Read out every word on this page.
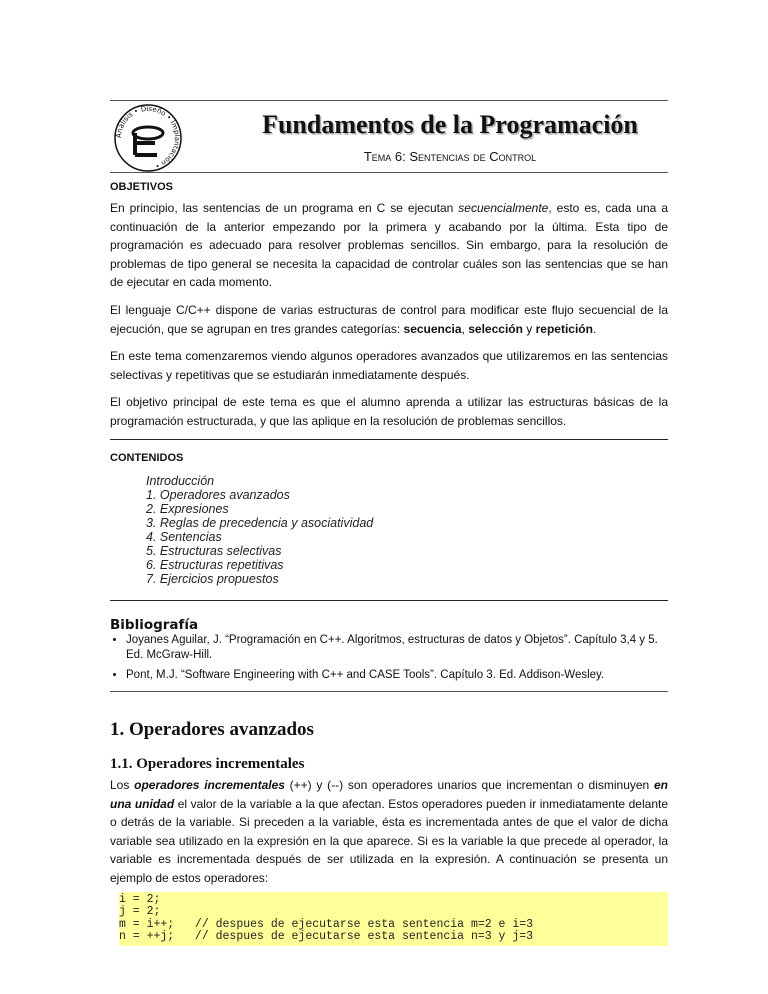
Análisis • Diseño • Implantación •
Fundamentos de la Programación
Tema 6: Sentencias de Control
OBJETIVOS

En principio, las sentencias de un programa en C se ejecutan secuencialmente, esto es, cada una a continuación de la anterior empezando por la primera y acabando por la última. Esta tipo de programación es adecuado para resolver problemas sencillos. Sin embargo, para la resolución de problemas de tipo general se necesita la capacidad de controlar cuáles son las sentencias que se han de ejecutar en cada momento.

El lenguaje C/C++ dispone de varias estructuras de control para modificar este flujo secuencial de la ejecución, que se agrupan en tres grandes categorías: secuencia, selección y repetición.

En este tema comenzaremos viendo algunos operadores avanzados que utilizaremos en las sentencias selectivas y repetitivas que se estudiarán inmediatamente después.

El objetivo principal de este tema es que el alumno aprenda a utilizar las estructuras básicas de la programación estructurada, y que las aplique en la resolución de problemas sencillos.

CONTENIDOS
Introducción
1. Operadores avanzados
2. Expresiones
3. Reglas de precedencia y asociatividad
4. Sentencias
5. Estructuras selectivas
6. Estructuras repetitivas
7. Ejercicios propuestos
Bibliografía
• Joyanes Aguilar, J. “Programación en C++. Algoritmos, estructuras de datos y Objetos”. Capítulo 3,4 y 5. Ed. McGraw-Hill.
• Pont, M.J. “Software Engineering with C++ and CASE Tools”. Capítulo 3. Ed. Addison-Wesley.
1. Operadores avanzados
1.1. Operadores incrementales

Los operadores incrementales (++) y (--) son operadores unarios que incrementan o disminuyen en una unidad el valor de la variable a la que afectan. Estos operadores pueden ir inmediatamente delante o detrás de la variable. Si preceden a la variable, ésta es incrementada antes de que el valor de dicha variable sea utilizado en la expresión en la que aparece. Si es la variable la que precede al operador, la variable es incrementada después de ser utilizada en la expresión. A continuación se presenta un ejemplo de estos operadores:

i = 2;
j = 2;
m = i++;   // despues de ejecutarse esta sentencia m=2 e i=3
n = ++j;   // despues de ejecutarse esta sentencia n=3 y j=3
